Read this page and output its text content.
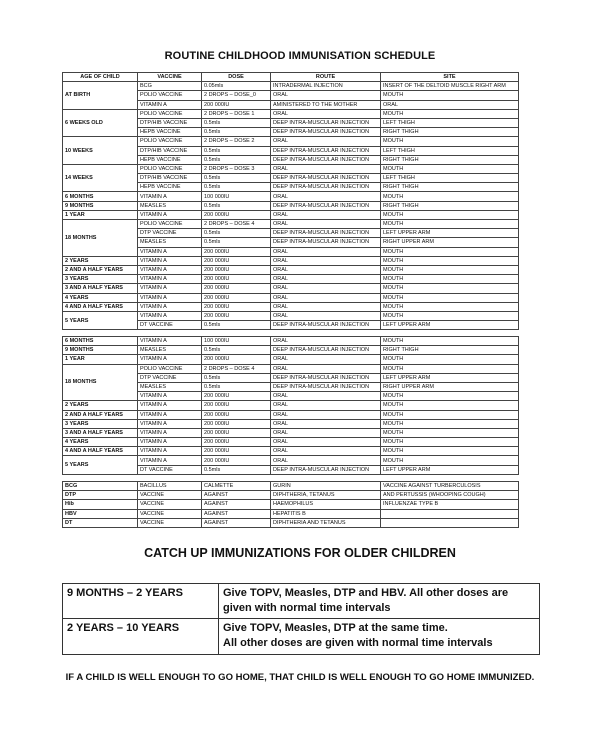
ROUTINE CHILDHOOD IMMUNISATION SCHEDULE
AGE OF CHILD	VACCINE	DOSE	ROUTE	SITE
AT BIRTH	BCG	0.05mls	INTRADERMAL INJECTION	INSERT OF THE DELTOID MUSCLE RIGHT ARM
	POLIO VACCINE	2 DROPS – DOSE_0	ORAL	MOUTH
	VITAMIN A	200 000IU	AMINISTERED TO THE MOTHER	ORAL
6 WEEKS OLD	POLIO VACCINE	2 DROPS – DOSE 1	ORAL	MOUTH
	DTP/HIB VACCINE	0.5mls	DEEP INTRA-MUSCULAR INJECTION	LEFT THIGH
	HEPB VACCINE	0.5mls	DEEP INTRA-MUSCULAR INJECTION	RIGHT THIGH
10 WEEKS	POLIO VACCINE	2 DROPS – DOSE 2	ORAL	MOUTH
	DTP/HIB VACCINE	0.5mls	DEEP INTRA-MUSCULAR INJECTION	LEFT THIGH
	HEPB VACCINE	0.5mls	DEEP INTRA-MUSCULAR INJECTION	RIGHT THIGH
14 WEEKS	POLIO VACCINE	2 DROPS – DOSE 3	ORAL	MOUTH
	DTP/HIB VACCINE	0.5mls	DEEP INTRA-MUSCULAR INJECTION	LEFT THIGH
	HEPB VACCINE	0.5mls	DEEP INTRA-MUSCULAR INJECTION	RIGHT THIGH
6 MONTHS	VITAMIN A	100 000IU	ORAL	MOUTH
9 MONTHS	MEASLES	0.5mls	DEEP INTRA-MUSCULAR INJECTION	RIGHT THIGH
1 YEAR	VITAMIN A	200 000IU	ORAL	MOUTH
18 MONTHS	POLIO VACCINE	2 DROPS – DOSE 4	ORAL	MOUTH
	DTP VACCINE	0.5mls	DEEP INTRA-MUSCULAR INJECTION	LEFT UPPER ARM
	MEASLES	0.5mls	DEEP INTRA-MUSCULAR INJECTION	RIGHT UPPER ARM
	VITAMIN A	200 000IU	ORAL	MOUTH
2 YEARS	VITAMIN A	200 000IU	ORAL	MOUTH
2 AND A HALF YEARS	VITAMIN A	200 000IU	ORAL	MOUTH
3 YEARS	VITAMIN A	200 000IU	ORAL	MOUTH
3 AND A HALF YEARS	VITAMIN A	200 000IU	ORAL	MOUTH
4 YEARS	VITAMIN A	200 000IU	ORAL	MOUTH
4 AND A HALF YEARS	VITAMIN A	200 000IU	ORAL	MOUTH
5 YEARS	VITAMIN A	200 000IU	ORAL	MOUTH
	DT VACCINE	0.5mls	DEEP INTRA-MUSCULAR INJECTION	LEFT UPPER ARM
6 MONTHS	VITAMIN A	100 000IU	ORAL	MOUTH
9 MONTHS	MEASLES	0.5mls	DEEP INTRA-MUSCULAR INJECTION	RIGHT THIGH
1 YEAR	VITAMIN A	200 000IU	ORAL	MOUTH
18 MONTHS	POLIO VACCINE	2 DROPS – DOSE 4	ORAL	MOUTH
	DTP VACCINE	0.5mls	DEEP INTRA-MUSCULAR INJECTION	LEFT UPPER ARM
	MEASLES	0.5mls	DEEP INTRA-MUSCULAR INJECTION	RIGHT UPPER ARM
	VITAMIN A	200 000IU	ORAL	MOUTH
2 YEARS	VITAMIN A	200 000IU	ORAL	MOUTH
2 AND A HALF YEARS	VITAMIN A	200 000IU	ORAL	MOUTH
3 YEARS	VITAMIN A	200 000IU	ORAL	MOUTH
3 AND A HALF YEARS	VITAMIN A	200 000IU	ORAL	MOUTH
4 YEARS	VITAMIN A	200 000IU	ORAL	MOUTH
4 AND A HALF YEARS	VITAMIN A	200 000IU	ORAL	MOUTH
5 YEARS	VITAMIN A	200 000IU	ORAL	MOUTH
	DT VACCINE	0.5mls	DEEP INTRA-MUSCULAR INJECTION	LEFT UPPER ARM
BCG	BACILLUS	CALMETTE	GURIN	VACCINE AGAINST TURBERCULOSIS
DTP	VACCINE	AGAINST	DIPHTHERIA, TETANUS	AND PERTUSSIS (WHOOPING COUGH)
Hib	VACCINE	AGAINST	HAEMOPHILUS	INFLUENZAE TYPE B
HBV	VACCINE	AGAINST	HEPATITIS B	
DT	VACCINE	AGAINST	DIPHTHERIA AND TETANUS	
CATCH UP IMMUNIZATIONS FOR OLDER CHILDREN
9 MONTHS – 2 YEARS	Give TOPV, Measles, DTP and HBV. All other doses are given with normal time intervals
2 YEARS – 10 YEARS	Give TOPV, Measles, DTP at the same time.
All other doses are given with normal time intervals
IF A CHILD IS WELL ENOUGH TO GO HOME, THAT CHILD IS WELL ENOUGH TO GO HOME IMMUNIZED.
